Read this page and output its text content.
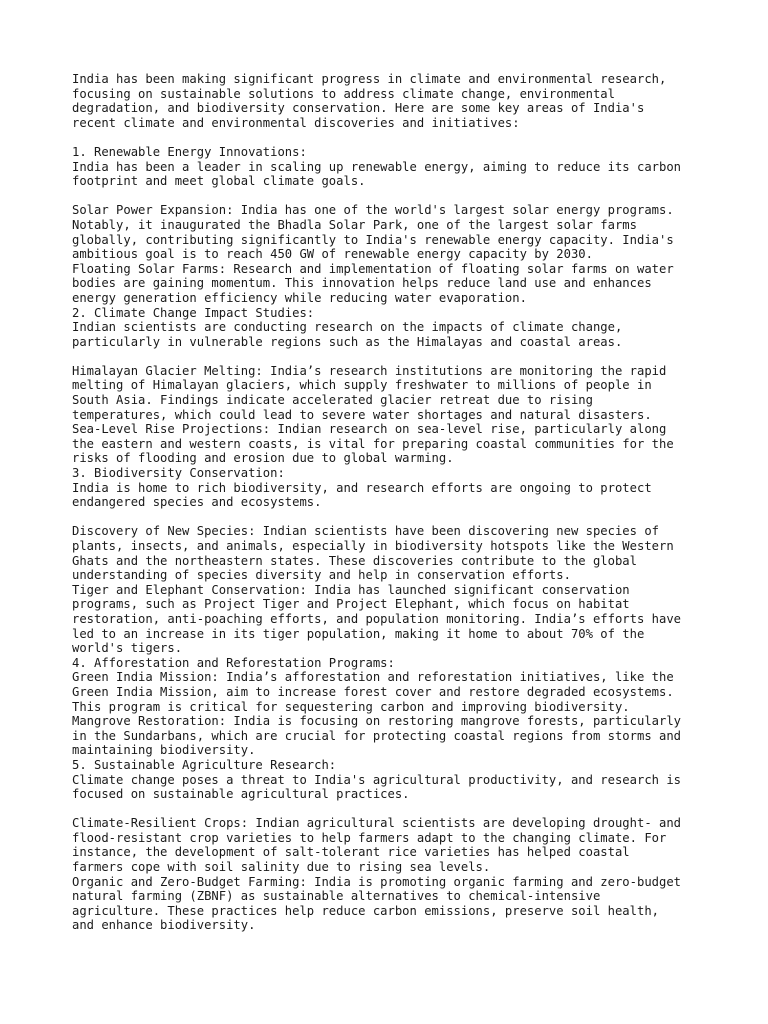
India has been making significant progress in climate and environmental research,
focusing on sustainable solutions to address climate change, environmental
degradation, and biodiversity conservation. Here are some key areas of India's
recent climate and environmental discoveries and initiatives:
1. Renewable Energy Innovations:
India has been a leader in scaling up renewable energy, aiming to reduce its carbon
footprint and meet global climate goals.
Solar Power Expansion: India has one of the world's largest solar energy programs.
Notably, it inaugurated the Bhadla Solar Park, one of the largest solar farms
globally, contributing significantly to India's renewable energy capacity. India's
ambitious goal is to reach 450 GW of renewable energy capacity by 2030.
Floating Solar Farms: Research and implementation of floating solar farms on water
bodies are gaining momentum. This innovation helps reduce land use and enhances
energy generation efficiency while reducing water evaporation.
2. Climate Change Impact Studies:
Indian scientists are conducting research on the impacts of climate change,
particularly in vulnerable regions such as the Himalayas and coastal areas.
Himalayan Glacier Melting: India’s research institutions are monitoring the rapid
melting of Himalayan glaciers, which supply freshwater to millions of people in
South Asia. Findings indicate accelerated glacier retreat due to rising
temperatures, which could lead to severe water shortages and natural disasters.
Sea-Level Rise Projections: Indian research on sea-level rise, particularly along
the eastern and western coasts, is vital for preparing coastal communities for the
risks of flooding and erosion due to global warming.
3. Biodiversity Conservation:
India is home to rich biodiversity, and research efforts are ongoing to protect
endangered species and ecosystems.
Discovery of New Species: Indian scientists have been discovering new species of
plants, insects, and animals, especially in biodiversity hotspots like the Western
Ghats and the northeastern states. These discoveries contribute to the global
understanding of species diversity and help in conservation efforts.
Tiger and Elephant Conservation: India has launched significant conservation
programs, such as Project Tiger and Project Elephant, which focus on habitat
restoration, anti-poaching efforts, and population monitoring. India’s efforts have
led to an increase in its tiger population, making it home to about 70% of the
world's tigers.
4. Afforestation and Reforestation Programs:
Green India Mission: India’s afforestation and reforestation initiatives, like the
Green India Mission, aim to increase forest cover and restore degraded ecosystems.
This program is critical for sequestering carbon and improving biodiversity.
Mangrove Restoration: India is focusing on restoring mangrove forests, particularly
in the Sundarbans, which are crucial for protecting coastal regions from storms and
maintaining biodiversity.
5. Sustainable Agriculture Research:
Climate change poses a threat to India's agricultural productivity, and research is
focused on sustainable agricultural practices.
Climate-Resilient Crops: Indian agricultural scientists are developing drought- and
flood-resistant crop varieties to help farmers adapt to the changing climate. For
instance, the development of salt-tolerant rice varieties has helped coastal
farmers cope with soil salinity due to rising sea levels.
Organic and Zero-Budget Farming: India is promoting organic farming and zero-budget
natural farming (ZBNF) as sustainable alternatives to chemical-intensive
agriculture. These practices help reduce carbon emissions, preserve soil health,
and enhance biodiversity.
